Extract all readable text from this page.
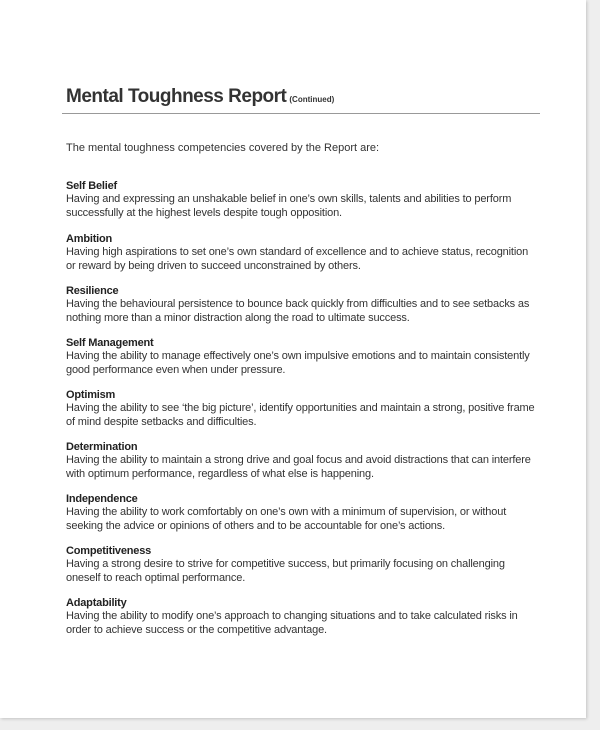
Mental Toughness Report (Continued)
The mental toughness competencies covered by the Report are:
Self Belief
Having and expressing an unshakable belief in one’s own skills, talents and abilities to perform successfully at the highest levels despite tough opposition.
Ambition
Having high aspirations to set one’s own standard of excellence and to achieve status, recognition or reward by being driven to succeed unconstrained by others.
Resilience
Having the behavioural persistence to bounce back quickly from difficulties and to see setbacks as nothing more than a minor distraction along the road to ultimate success.
Self Management
Having the ability to manage effectively one’s own impulsive emotions and to maintain consistently good performance even when under pressure.
Optimism
Having the ability to see ‘the big picture’, identify opportunities and maintain a strong, positive frame of mind despite setbacks and difficulties.
Determination
Having the ability to maintain a strong drive and goal focus and avoid distractions that can interfere with optimum performance, regardless of what else is happening.
Independence
Having the ability to work comfortably on one’s own with a minimum of supervision, or without seeking the advice or opinions of others and to be accountable for one’s actions.
Competitiveness
Having a strong desire to strive for competitive success, but primarily focusing on challenging oneself to reach optimal performance.
Adaptability
Having the ability to modify one’s approach to changing situations and to take calculated risks in order to achieve success or the competitive advantage.
